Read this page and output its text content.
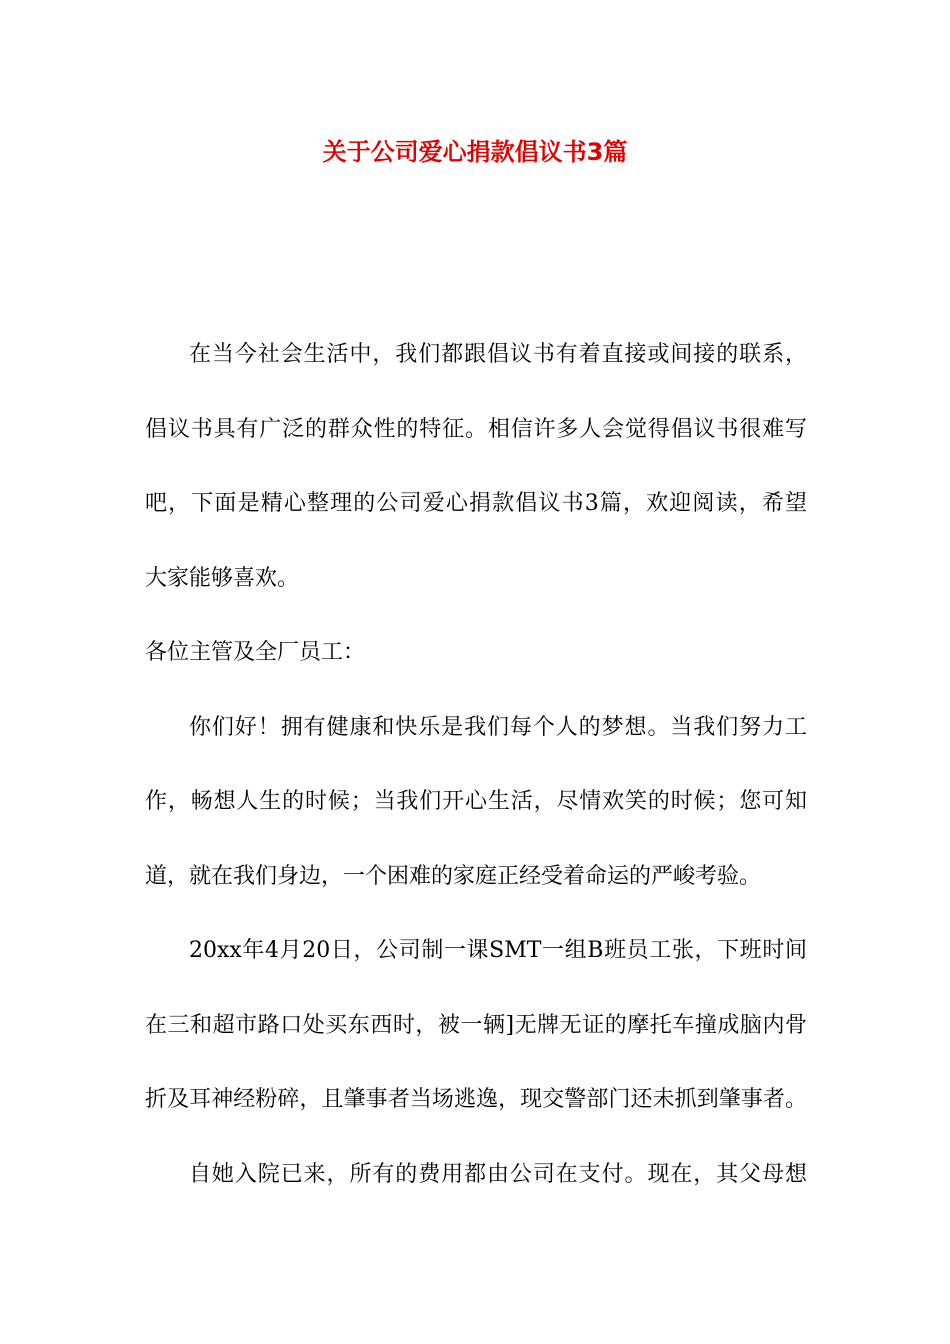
关于公司爱心捐款倡议书3篇
在当今社会生活中，我们都跟倡议书有着直接或间接的联系，
倡议书具有广泛的群众性的特征。相信许多人会觉得倡议书很难写
吧，下面是精心整理的公司爱心捐款倡议书3篇，欢迎阅读，希望
大家能够喜欢。
各位主管及全厂员工：
你们好！拥有健康和快乐是我们每个人的梦想。当我们努力工
作，畅想人生的时候；当我们开心生活，尽情欢笑的时候；您可知
道，就在我们身边，一个困难的家庭正经受着命运的严峻考验。
20xx年4月20日，公司制一课SMT一组B班员工张，下班时间
在三和超市路口处买东西时，被一辆]无牌无证的摩托车撞成脑内骨
折及耳神经粉碎，且肇事者当场逃逸，现交警部门还未抓到肇事者。
自她入院已来，所有的费用都由公司在支付。现在，其父母想
